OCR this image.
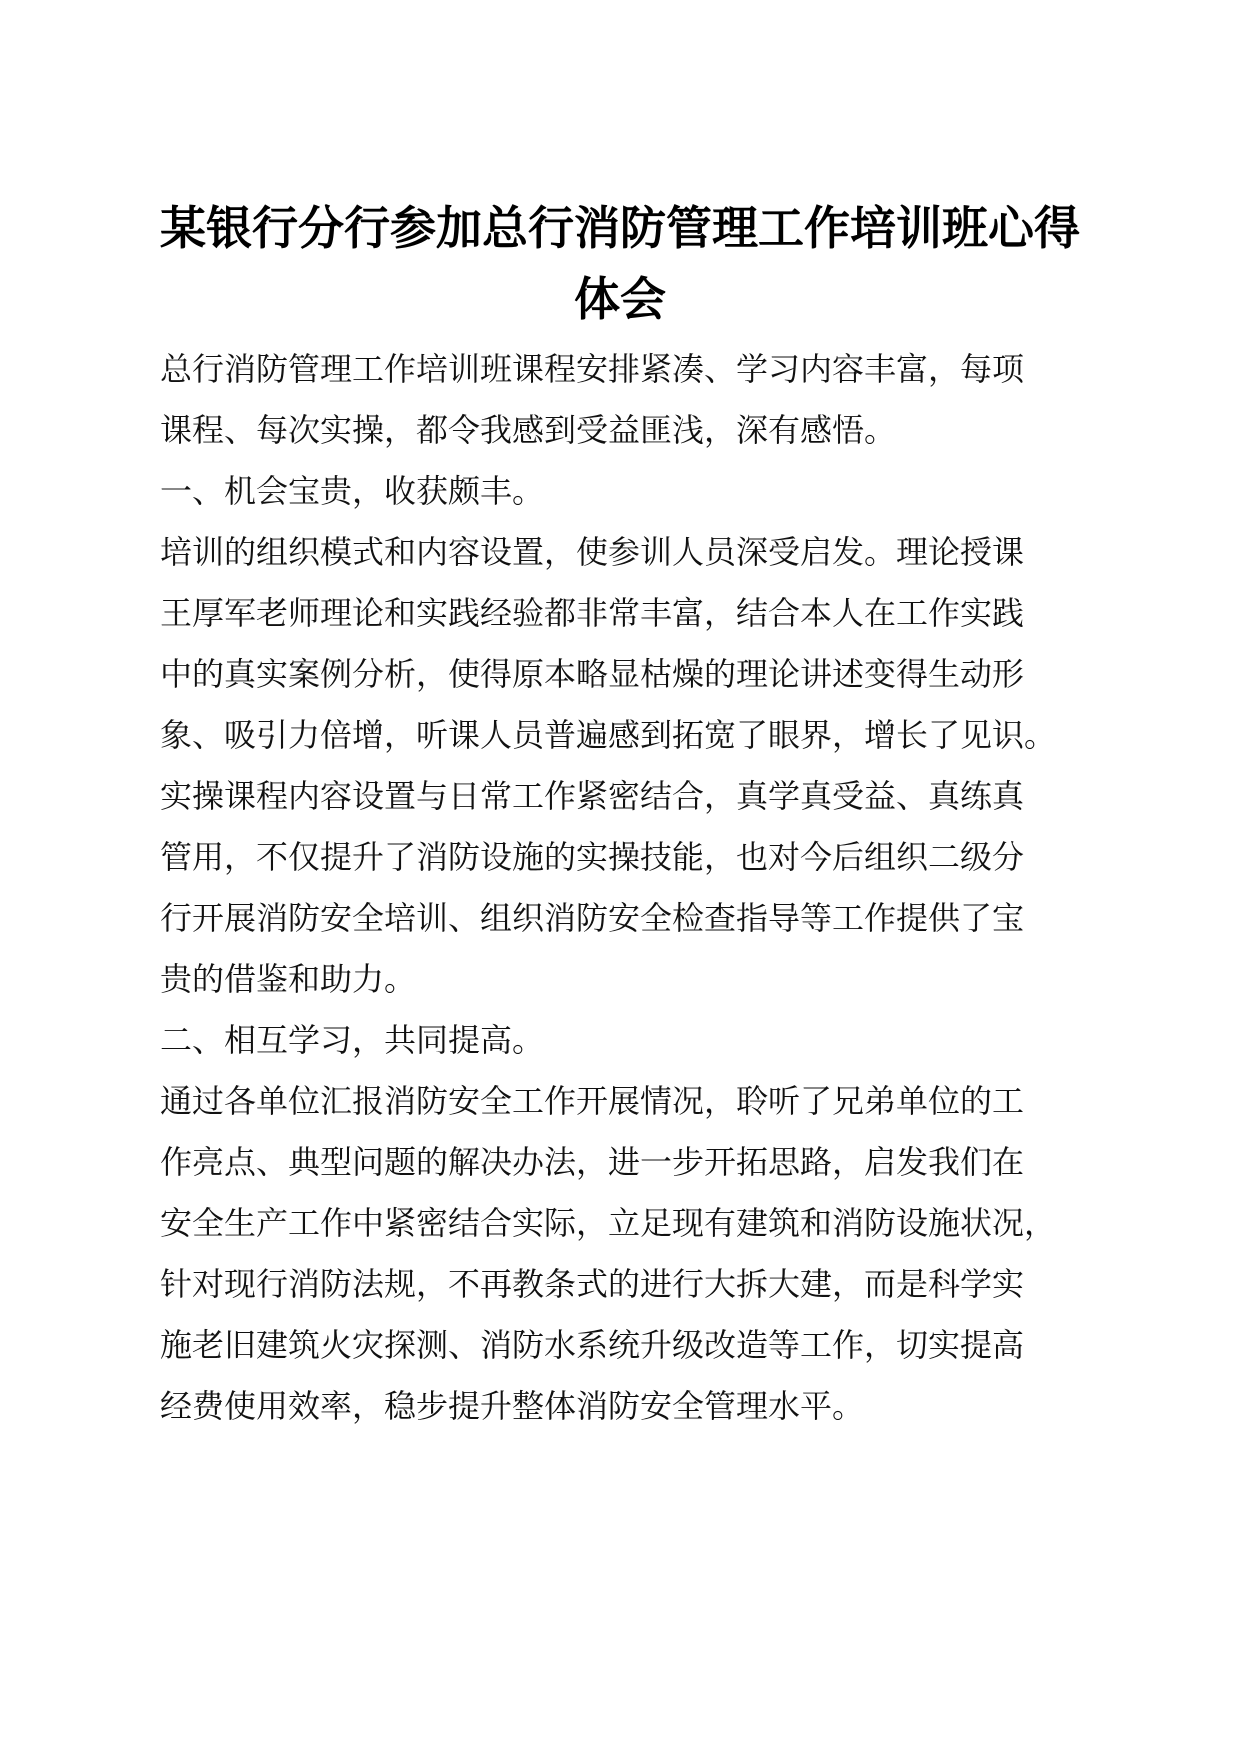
某银行分行参加总行消防管理工作培训班心得
体会
总行消防管理工作培训班课程安排紧凑、学习内容丰富，每项
课程、每次实操，都令我感到受益匪浅，深有感悟。
一、机会宝贵，收获颇丰。
培训的组织模式和内容设置，使参训人员深受启发。理论授课
王厚军老师理论和实践经验都非常丰富，结合本人在工作实践
中的真实案例分析，使得原本略显枯燥的理论讲述变得生动形
象、吸引力倍增，听课人员普遍感到拓宽了眼界，增长了见识。
实操课程内容设置与日常工作紧密结合，真学真受益、真练真
管用，不仅提升了消防设施的实操技能，也对今后组织二级分
行开展消防安全培训、组织消防安全检查指导等工作提供了宝
贵的借鉴和助力。
二、相互学习，共同提高。
通过各单位汇报消防安全工作开展情况，聆听了兄弟单位的工
作亮点、典型问题的解决办法，进一步开拓思路，启发我们在
安全生产工作中紧密结合实际，立足现有建筑和消防设施状况，
针对现行消防法规，不再教条式的进行大拆大建，而是科学实
施老旧建筑火灾探测、消防水系统升级改造等工作，切实提高
经费使用效率，稳步提升整体消防安全管理水平。
